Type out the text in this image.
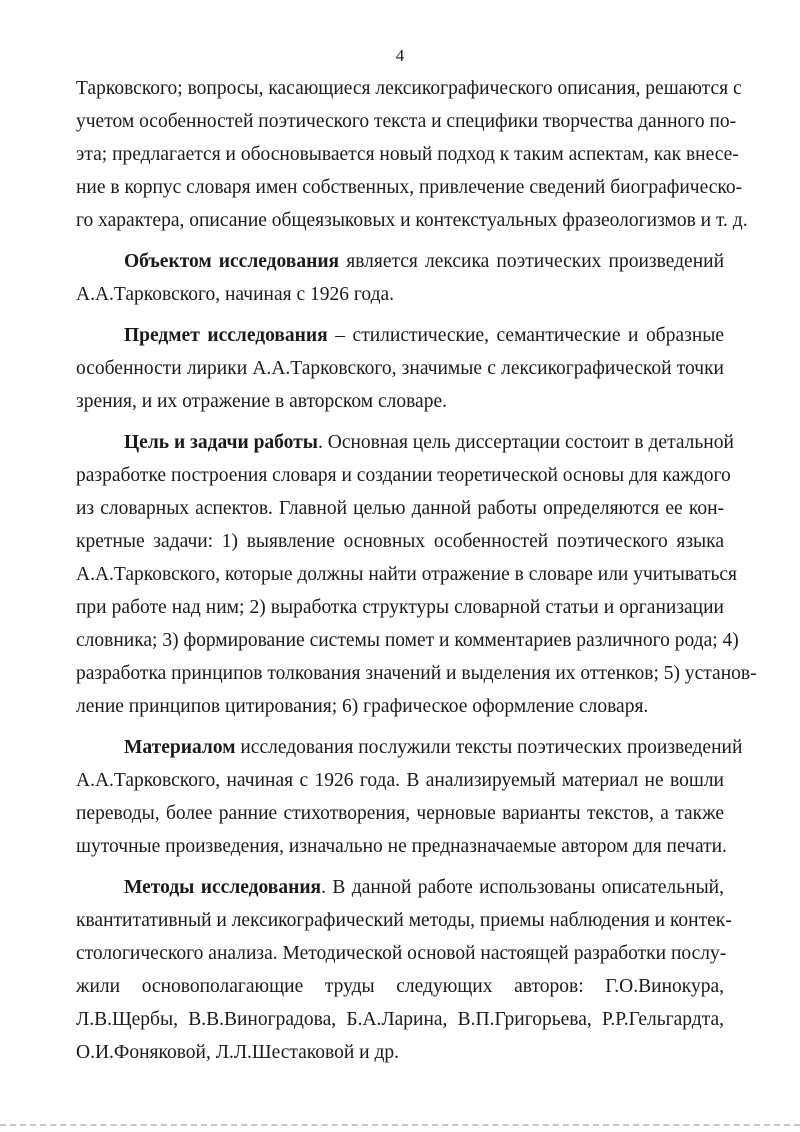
4
Тарковского; вопросы, касающиеся лексикографического описания, решаются с
учетом особенностей поэтического текста и специфики творчества данного по-
эта; предлагается и обосновывается новый подход к таким аспектам, как внесе-
ние в корпус словаря имен собственных, привлечение сведений биографическо-
го характера, описание общеязыковых и контекстуальных фразеологизмов и т. д.
Объектом исследования является лексика поэтических произведений
А.А.Тарковского, начиная с 1926 года.
Предмет исследования – стилистические, семантические и образные
особенности лирики А.А.Тарковского, значимые с лексикографической точки
зрения, и их отражение в авторском словаре.
Цель и задачи работы. Основная цель диссертации состоит в детальной
разработке построения словаря и создании теоретической основы для каждого
из словарных аспектов. Главной целью данной работы определяются ее кон-
кретные задачи: 1) выявление основных особенностей поэтического языка
А.А.Тарковского, которые должны найти отражение в словаре или учитываться
при работе над ним; 2) выработка структуры словарной статьи и организации
словника; 3) формирование системы помет и комментариев различного рода; 4)
разработка принципов толкования значений и выделения их оттенков; 5) установ-
ление принципов цитирования; 6) графическое оформление словаря.
Материалом исследования послужили тексты поэтических произведений
А.А.Тарковского, начиная с 1926 года. В анализируемый материал не вошли
переводы, более ранние стихотворения, черновые варианты текстов, а также
шуточные произведения, изначально не предназначаемые автором для печати.
Методы исследования. В данной работе использованы описательный,
квантитативный и лексикографический методы, приемы наблюдения и контек-
стологического анализа. Методической основой настоящей разработки послу-
жили основополагающие труды следующих авторов: Г.О.Винокура,
Л.В.Щербы, В.В.Виноградова, Б.А.Ларина, В.П.Григорьева, Р.Р.Гельгардта,
О.И.Фоняковой, Л.Л.Шестаковой и др.
